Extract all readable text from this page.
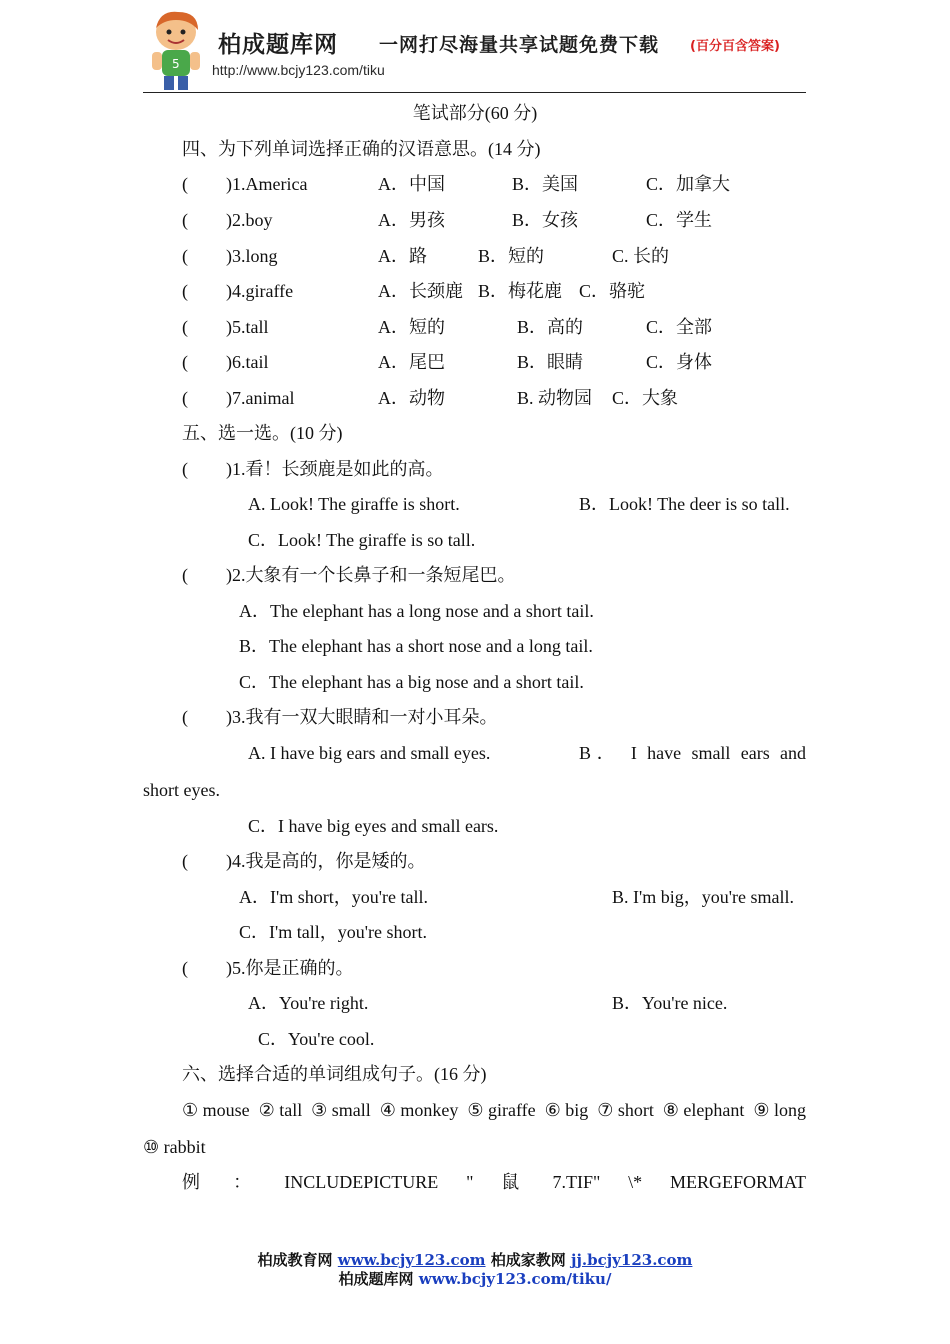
5
柏成题库网 一网打尽海量共享试题免费下载 (百分百含答案)
http://www.bcjy123.com/tiku
笔试部分(60 分)
四、为下列单词选择正确的汉语意思。(14 分)
( )1.America	A．中国	B．美国	C．加拿大
( )2.boy	A．男孩	B．女孩	C．学生
( )3.long	A．路	B．短的	C. 长的
( )4.giraffe	A．长颈鹿 B．梅花鹿 C．骆驼
( )5.tall	A．短的	B．高的	C．全部
( )6.tail	A．尾巴	B．眼睛	C．身体
( )7.animal	A．动物	B. 动物园 C．大象
五、选一选。(10 分)
( )1.看！长颈鹿是如此的高。
A. Look! The giraffe is short.	B．Look! The deer is so tall.
C．Look! The giraffe is so tall.
( )2.大象有一个长鼻子和一条短尾巴。
A．The elephant has a long nose and a short tail.
B．The elephant has a short nose and a long tail.
C．The elephant has a big nose and a short tail.
( )3.我有一双大眼睛和一对小耳朵。
A. I have big ears and small eyes.	B． I have small ears and
short eyes.
C．I have big eyes and small ears.
( )4.我是高的，你是矮的。
A．I'm short，you're tall.	B. I'm big，you're small.
C．I'm tall，you're short.
( )5.你是正确的。
A．You're right.	B．You're nice.
C．You're cool.
六、选择合适的单词组成句子。(16 分)
①mouse ②tall ③small ④monkey ⑤giraffe ⑥big ⑦short ⑧elephant ⑨long
⑩ rabbit
例 ： INCLUDEPICTURE " 鼠 7.TIF" \* MERGEFORMAT
柏成教育网 www.bcjy123.com 柏成家教网 jj.bcjy123.com
柏成题库网 www.bcjy123.com/tiku/
